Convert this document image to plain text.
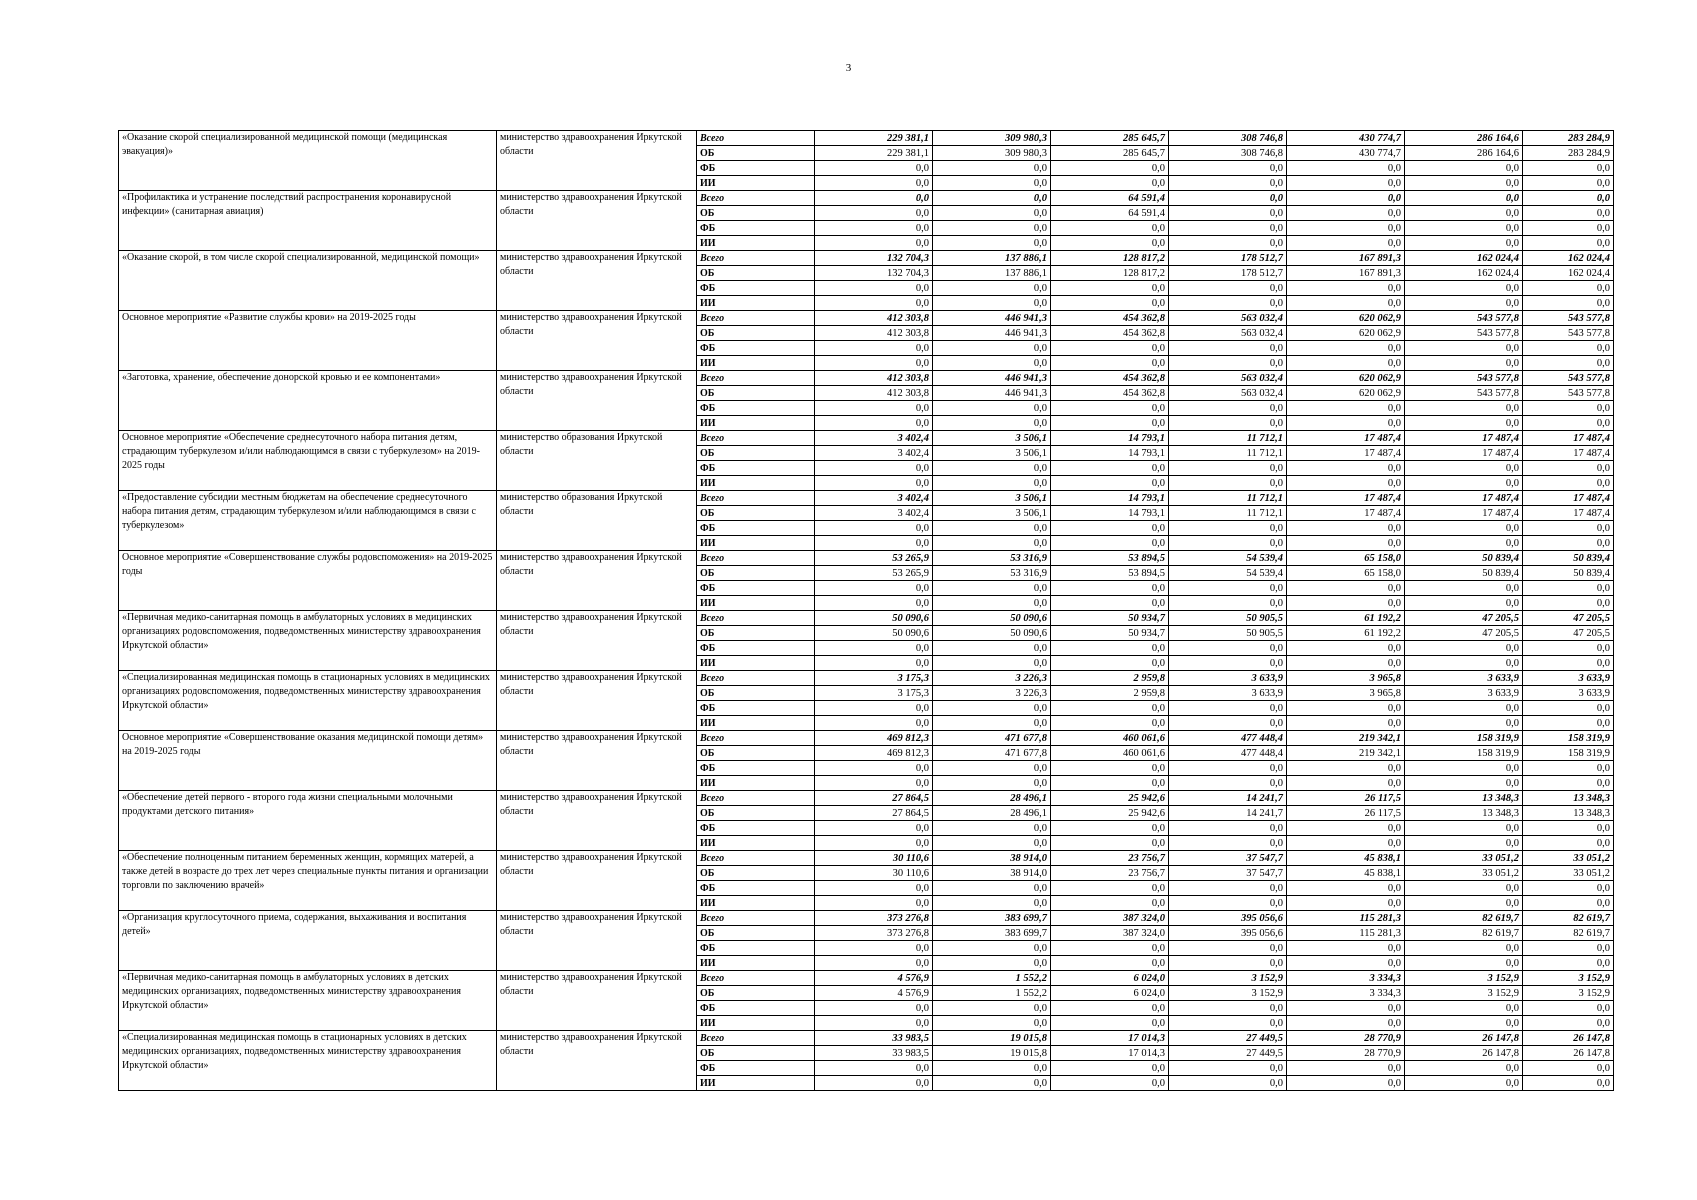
3
«Оказание скорой специализированной медицинской помощи (медицинская эвакуация)»	министерство здравоохранения Иркутской области	Всего	229 381,1	309 980,3	285 645,7	308 746,8	430 774,7	286 164,6	283 284,9
		ОБ	229 381,1	309 980,3	285 645,7	308 746,8	430 774,7	286 164,6	283 284,9
		ФБ	0,0	0,0	0,0	0,0	0,0	0,0	0,0
		ИИ	0,0	0,0	0,0	0,0	0,0	0,0	0,0
«Профилактика и устранение последствий распространения коронавирусной инфекции» (санитарная авиация)	министерство здравоохранения Иркутской области	Всего	0,0	0,0	64 591,4	0,0	0,0	0,0	0,0
		ОБ	0,0	0,0	64 591,4	0,0	0,0	0,0	0,0
		ФБ	0,0	0,0	0,0	0,0	0,0	0,0	0,0
		ИИ	0,0	0,0	0,0	0,0	0,0	0,0	0,0
«Оказание скорой, в том числе скорой специализированной, медицинской помощи»	министерство здравоохранения Иркутской области	Всего	132 704,3	137 886,1	128 817,2	178 512,7	167 891,3	162 024,4	162 024,4
		ОБ	132 704,3	137 886,1	128 817,2	178 512,7	167 891,3	162 024,4	162 024,4
		ФБ	0,0	0,0	0,0	0,0	0,0	0,0	0,0
		ИИ	0,0	0,0	0,0	0,0	0,0	0,0	0,0
Основное мероприятие «Развитие службы крови» на 2019-2025 годы	министерство здравоохранения Иркутской области	Всего	412 303,8	446 941,3	454 362,8	563 032,4	620 062,9	543 577,8	543 577,8
		ОБ	412 303,8	446 941,3	454 362,8	563 032,4	620 062,9	543 577,8	543 577,8
		ФБ	0,0	0,0	0,0	0,0	0,0	0,0	0,0
		ИИ	0,0	0,0	0,0	0,0	0,0	0,0	0,0
«Заготовка, хранение, обеспечение донорской кровью и ее компонентами»	министерство здравоохранения Иркутской области	Всего	412 303,8	446 941,3	454 362,8	563 032,4	620 062,9	543 577,8	543 577,8
		ОБ	412 303,8	446 941,3	454 362,8	563 032,4	620 062,9	543 577,8	543 577,8
		ФБ	0,0	0,0	0,0	0,0	0,0	0,0	0,0
		ИИ	0,0	0,0	0,0	0,0	0,0	0,0	0,0
Основное мероприятие «Обеспечение среднесуточного набора питания детям, страдающим туберкулезом и/или наблюдающимся в связи с туберкулезом» на 2019-2025 годы	министерство образования Иркутской области	Всего	3 402,4	3 506,1	14 793,1	11 712,1	17 487,4	17 487,4	17 487,4
		ОБ	3 402,4	3 506,1	14 793,1	11 712,1	17 487,4	17 487,4	17 487,4
		ФБ	0,0	0,0	0,0	0,0	0,0	0,0	0,0
		ИИ	0,0	0,0	0,0	0,0	0,0	0,0	0,0
«Предоставление субсидии местным бюджетам на обеспечение среднесуточного набора питания детям, страдающим туберкулезом и/или наблюдающимся в связи с туберкулезом»	министерство образования Иркутской области	Всего	3 402,4	3 506,1	14 793,1	11 712,1	17 487,4	17 487,4	17 487,4
		ОБ	3 402,4	3 506,1	14 793,1	11 712,1	17 487,4	17 487,4	17 487,4
		ФБ	0,0	0,0	0,0	0,0	0,0	0,0	0,0
		ИИ	0,0	0,0	0,0	0,0	0,0	0,0	0,0
Основное мероприятие «Совершенствование службы родовспоможения» на 2019-2025 годы	министерство здравоохранения Иркутской области	Всего	53 265,9	53 316,9	53 894,5	54 539,4	65 158,0	50 839,4	50 839,4
		ОБ	53 265,9	53 316,9	53 894,5	54 539,4	65 158,0	50 839,4	50 839,4
		ФБ	0,0	0,0	0,0	0,0	0,0	0,0	0,0
		ИИ	0,0	0,0	0,0	0,0	0,0	0,0	0,0
«Первичная медико-санитарная помощь в амбулаторных условиях в медицинских организациях родовспоможения, подведомственных министерству здравоохранения Иркутской области»	министерство здравоохранения Иркутской области	Всего	50 090,6	50 090,6	50 934,7	50 905,5	61 192,2	47 205,5	47 205,5
		ОБ	50 090,6	50 090,6	50 934,7	50 905,5	61 192,2	47 205,5	47 205,5
		ФБ	0,0	0,0	0,0	0,0	0,0	0,0	0,0
		ИИ	0,0	0,0	0,0	0,0	0,0	0,0	0,0
«Специализированная медицинская помощь в стационарных условиях в медицинских организациях родовспоможения, подведомственных министерству здравоохранения Иркутской области»	министерство здравоохранения Иркутской области	Всего	3 175,3	3 226,3	2 959,8	3 633,9	3 965,8	3 633,9	3 633,9
		ОБ	3 175,3	3 226,3	2 959,8	3 633,9	3 965,8	3 633,9	3 633,9
		ФБ	0,0	0,0	0,0	0,0	0,0	0,0	0,0
		ИИ	0,0	0,0	0,0	0,0	0,0	0,0	0,0
Основное мероприятие «Совершенствование оказания медицинской помощи детям» на 2019-2025 годы	министерство здравоохранения Иркутской области	Всего	469 812,3	471 677,8	460 061,6	477 448,4	219 342,1	158 319,9	158 319,9
		ОБ	469 812,3	471 677,8	460 061,6	477 448,4	219 342,1	158 319,9	158 319,9
		ФБ	0,0	0,0	0,0	0,0	0,0	0,0	0,0
		ИИ	0,0	0,0	0,0	0,0	0,0	0,0	0,0
«Обеспечение детей первого - второго года жизни специальными молочными продуктами детского питания»	министерство здравоохранения Иркутской области	Всего	27 864,5	28 496,1	25 942,6	14 241,7	26 117,5	13 348,3	13 348,3
		ОБ	27 864,5	28 496,1	25 942,6	14 241,7	26 117,5	13 348,3	13 348,3
		ФБ	0,0	0,0	0,0	0,0	0,0	0,0	0,0
		ИИ	0,0	0,0	0,0	0,0	0,0	0,0	0,0
«Обеспечение полноценным питанием беременных женщин, кормящих матерей, а также детей в возрасте до трех лет через специальные пункты питания и организации торговли по заключению врачей»	министерство здравоохранения Иркутской области	Всего	30 110,6	38 914,0	23 756,7	37 547,7	45 838,1	33 051,2	33 051,2
		ОБ	30 110,6	38 914,0	23 756,7	37 547,7	45 838,1	33 051,2	33 051,2
		ФБ	0,0	0,0	0,0	0,0	0,0	0,0	0,0
		ИИ	0,0	0,0	0,0	0,0	0,0	0,0	0,0
«Организация круглосуточного приема, содержания, выхаживания и воспитания детей»	министерство здравоохранения Иркутской области	Всего	373 276,8	383 699,7	387 324,0	395 056,6	115 281,3	82 619,7	82 619,7
		ОБ	373 276,8	383 699,7	387 324,0	395 056,6	115 281,3	82 619,7	82 619,7
		ФБ	0,0	0,0	0,0	0,0	0,0	0,0	0,0
		ИИ	0,0	0,0	0,0	0,0	0,0	0,0	0,0
«Первичная медико-санитарная помощь в амбулаторных условиях в детских медицинских организациях, подведомственных министерству здравоохранения Иркутской области»	министерство здравоохранения Иркутской области	Всего	4 576,9	1 552,2	6 024,0	3 152,9	3 334,3	3 152,9	3 152,9
		ОБ	4 576,9	1 552,2	6 024,0	3 152,9	3 334,3	3 152,9	3 152,9
		ФБ	0,0	0,0	0,0	0,0	0,0	0,0	0,0
		ИИ	0,0	0,0	0,0	0,0	0,0	0,0	0,0
«Специализированная медицинская помощь в стационарных условиях в детских медицинских организациях, подведомственных министерству здравоохранения Иркутской области»	министерство здравоохранения Иркутской области	Всего	33 983,5	19 015,8	17 014,3	27 449,5	28 770,9	26 147,8	26 147,8
		ОБ	33 983,5	19 015,8	17 014,3	27 449,5	28 770,9	26 147,8	26 147,8
		ФБ	0,0	0,0	0,0	0,0	0,0	0,0	0,0
		ИИ	0,0	0,0	0,0	0,0	0,0	0,0	0,0
